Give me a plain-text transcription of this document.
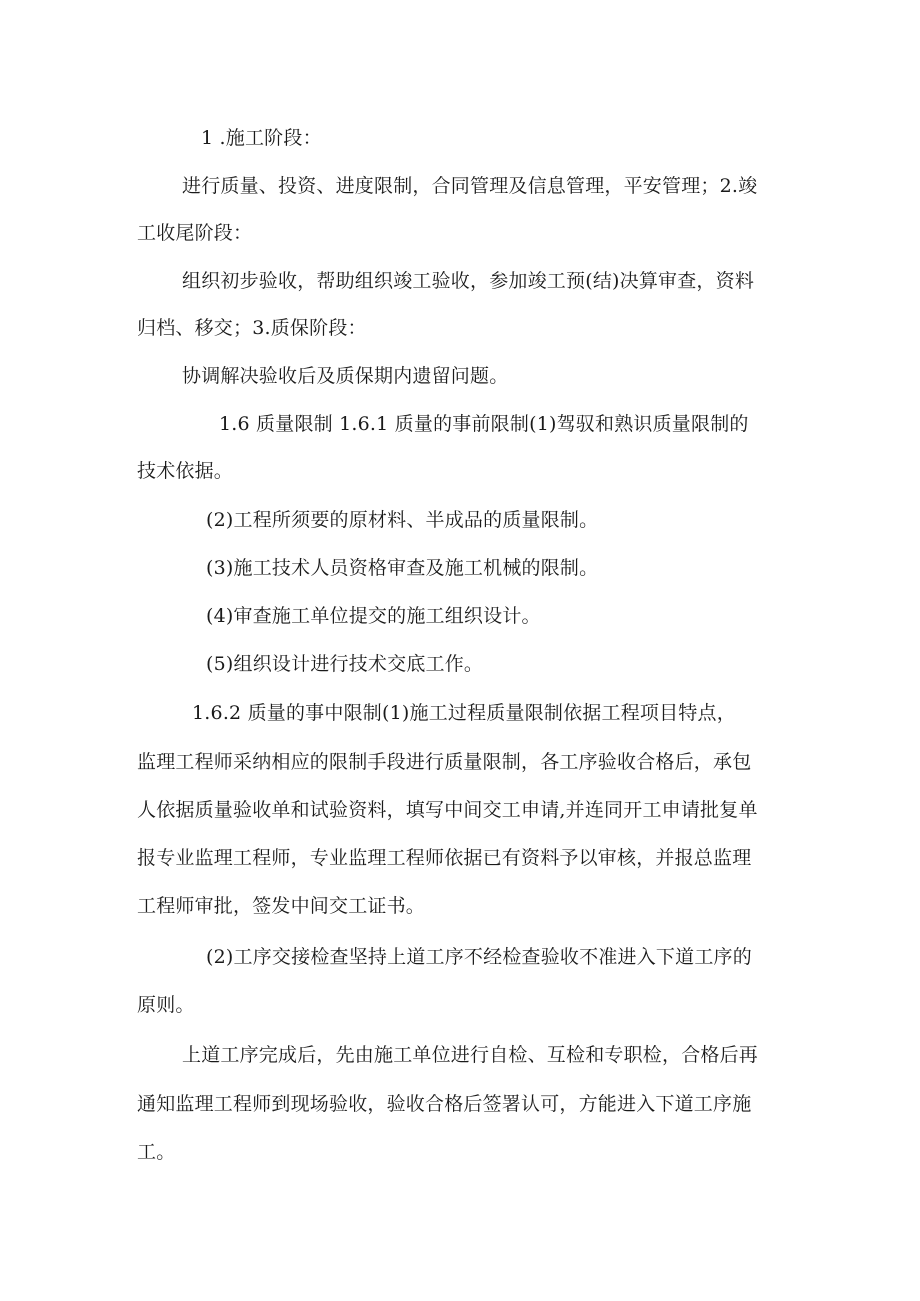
1 .施工阶段：
进行质量、投资、进度限制，合同管理及信息管理，平安管理；2.竣
工收尾阶段：
组织初步验收，帮助组织竣工验收，参加竣工预(结)决算审查，资料
归档、移交；3.质保阶段：
协调解决验收后及质保期内遗留问题。
1.6 质量限制 1.6.1 质量的事前限制(1)驾驭和熟识质量限制的
技术依据。
(2)工程所须要的原材料、半成品的质量限制。
(3)施工技术人员资格审查及施工机械的限制。
(4)审查施工单位提交的施工组织设计。
(5)组织设计进行技术交底工作。
1.6.2 质量的事中限制(1)施工过程质量限制依据工程项目特点，
监理工程师采纳相应的限制手段进行质量限制，各工序验收合格后，承包
人依据质量验收单和试验资料，填写中间交工申请,并连同开工申请批复单
报专业监理工程师，专业监理工程师依据已有资料予以审核，并报总监理
工程师审批，签发中间交工证书。
(2)工序交接检查坚持上道工序不经检查验收不准进入下道工序的
原则。
上道工序完成后，先由施工单位进行自检、互检和专职检，合格后再
通知监理工程师到现场验收，验收合格后签署认可，方能进入下道工序施
工。
